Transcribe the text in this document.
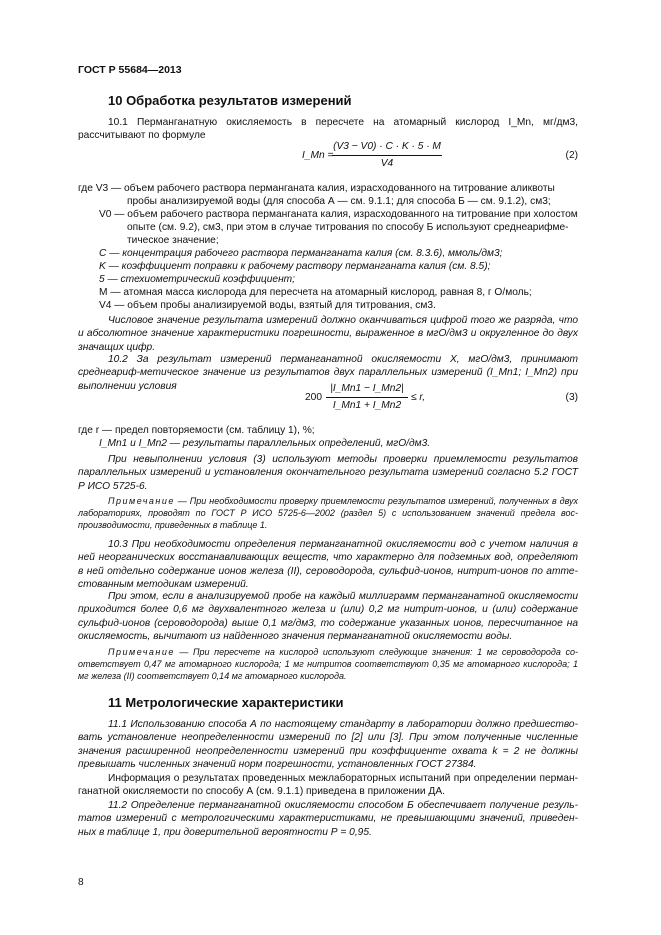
ГОСТ Р 55684—2013
10 Обработка результатов измерений
10.1 Перманганатную окисляемость в пересчете на атомарный кислород I_Mn, мг/дм3, рассчитывают по формуле
I_Mn =
(V3 − V0) · C · K · 5 · M
V4
(2)
где V3 — объем рабочего раствора перманганата калия, израсходованного на титрование аликвоты
пробы анализируемой воды (для способа А — см. 9.1.1; для способа Б — см. 9.1.2), см3;
V0 — объем рабочего раствора перманганата калия, израсходованного на титрование при холостом
опыте (см. 9.2), см3, при этом в случае титрования по способу Б используют среднеарифме-
тическое значение;
С — концентрация рабочего раствора перманганата калия (см. 8.3.6), ммоль/дм3;
K — коэффициент поправки к рабочему раствору перманганата калия (см. 8.5);
5 — стехиометрический коэффициент;
М — атомная масса кислорода для пересчета на атомарный кислород, равная 8, г О/моль;
V4 — объем пробы анализируемой воды, взятый для титрования, см3.
Числовое значение результата измерений должно оканчиваться цифрой того же разряда, что и абсолютное значение характеристики погрешности, выраженное в мгО/дм3 и округленное до двух значащих цифр.
10.2 За результат измерений перманганатной окисляемости X, мгО/дм3, принимают среднеариф-метическое значение из результатов двух параллельных измерений (I_Mn1; I_Mn2) при выполнении условия
200
|I_Mn1 − I_Mn2|
I_Mn1 + I_Mn2
≤ r,	(3)
где r — предел повторяемости (см. таблицу 1), %;
I_Mn1 и I_Mn2 — результаты параллельных определений, мгО/дм3.
При невыполнении условия (3) используют методы проверки приемлемости результатов параллельных измерений и установления окончательного результата измерений согласно 5.2 ГОСТ Р ИСО 5725-6.
Примечание — При необходимости проверку приемлемости результатов измерений, полученных в двух лабораториях, проводят по ГОСТ Р ИСО 5725-6—2002 (раздел 5) с использованием значений предела вос-производимости, приведенных в таблице 1.
10.3 При необходимости определения перманганатной окисляемости вод с учетом наличия в ней неорганических восстанавливающих веществ, что характерно для подземных вод, определяют в ней отдельно содержание ионов железа (II), сероводорода, сульфид-ионов, нитрит-ионов по атте-стованным методикам измерений.
При этом, если в анализируемой пробе на каждый миллиграмм перманганатной окисляемости приходится более 0,6 мг двухвалентного железа и (или) 0,2 мг нитрит-ионов, и (или) содержание сульфид-ионов (сероводорода) выше 0,1 мг/дм3, то содержание указанных ионов, пересчитанное на окисляемость, вычитают из найденного значения перманганатной окисляемости воды.
Примечание — При пересчете на кислород используют следующие значения: 1 мг сероводорода со-ответствует 0,47 мг атомарного кислорода; 1 мг нитритов соответствуют 0,35 мг атомарного кислорода; 1 мг железа (II) соответствует 0,14 мг атомарного кислорода.
11 Метрологические характеристики
11.1 Использованию способа А по настоящему стандарту в лаборатории должно предшество-вать установление неопределенности измерений по [2] или [3]. При этом полученные численные значения расширенной неопределенности измерений при коэффициенте охвата k = 2 не должны превышать численных значений норм погрешности, установленных ГОСТ 27384.
Информация о результатах проведенных межлабораторных испытаний при определении перман-ганатной окисляемости по способу А (см. 9.1.1) приведена в приложении ДА.
11.2 Определение перманганатной окисляемости способом Б обеспечивает получение резуль-татов измерений с метрологическими характеристиками, не превышающими значений, приведен-ных в таблице 1, при доверительной вероятности Р = 0,95.
8
